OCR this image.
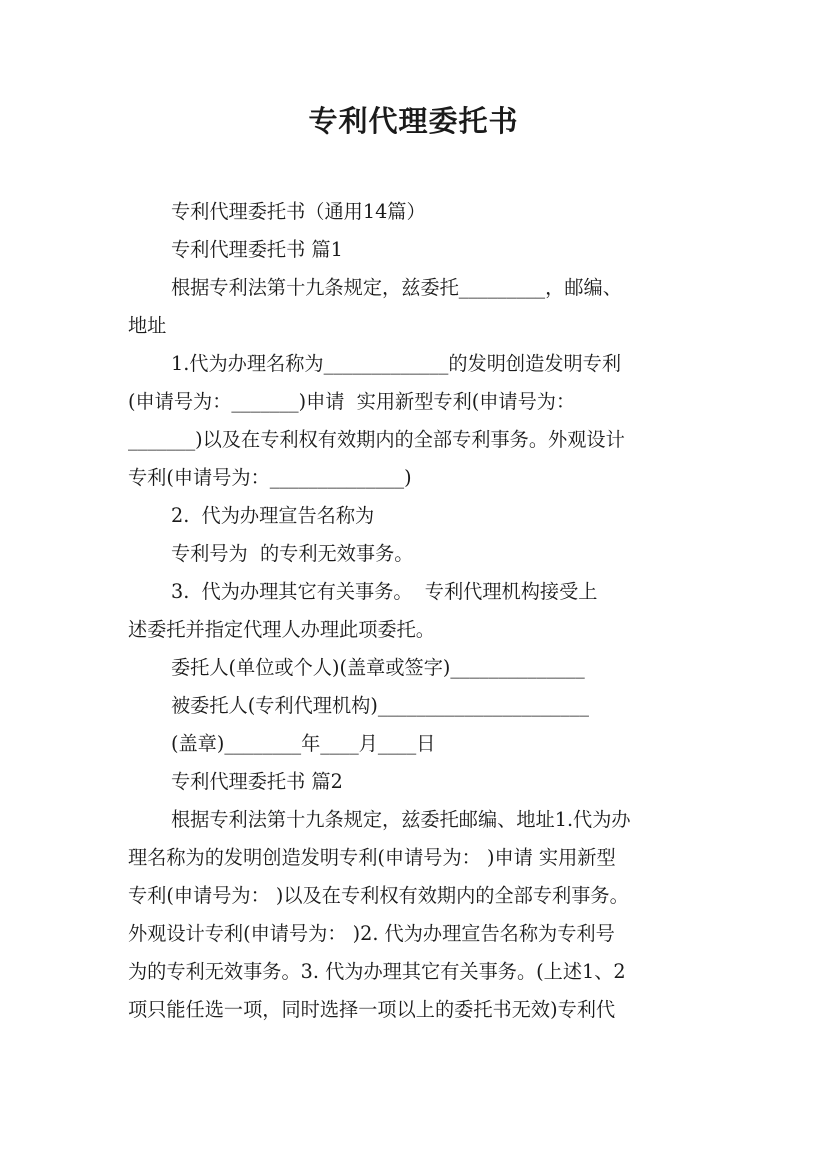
专利代理委托书

专利代理委托书（通用14篇）

专利代理委托书 篇1

根据专利法第十九条规定，兹委托_________，邮编、

地址

1.代为办理名称为_____________的发明创造发明专利

(申请号为：_______)申请  实用新型专利(申请号为：

_______)以及在专利权有效期内的全部专利事务。外观设计

专利(申请号为：______________)

2.  代为办理宣告名称为

专利号为  的专利无效事务。

3.  代为办理其它有关事务。  专利代理机构接受上

述委托并指定代理人办理此项委托。

委托人(单位或个人)(盖章或签字)______________

被委托人(专利代理机构)______________________

(盖章)________年____月____日

专利代理委托书 篇2

根据专利法第十九条规定，兹委托邮编、地址1.代为办

理名称为的发明创造发明专利(申请号为： )申请 实用新型

专利(申请号为： )以及在专利权有效期内的全部专利事务。

外观设计专利(申请号为： )2. 代为办理宣告名称为专利号

为的专利无效事务。3. 代为办理其它有关事务。(上述1、2

项只能任选一项，同时选择一项以上的委托书无效)专利代
